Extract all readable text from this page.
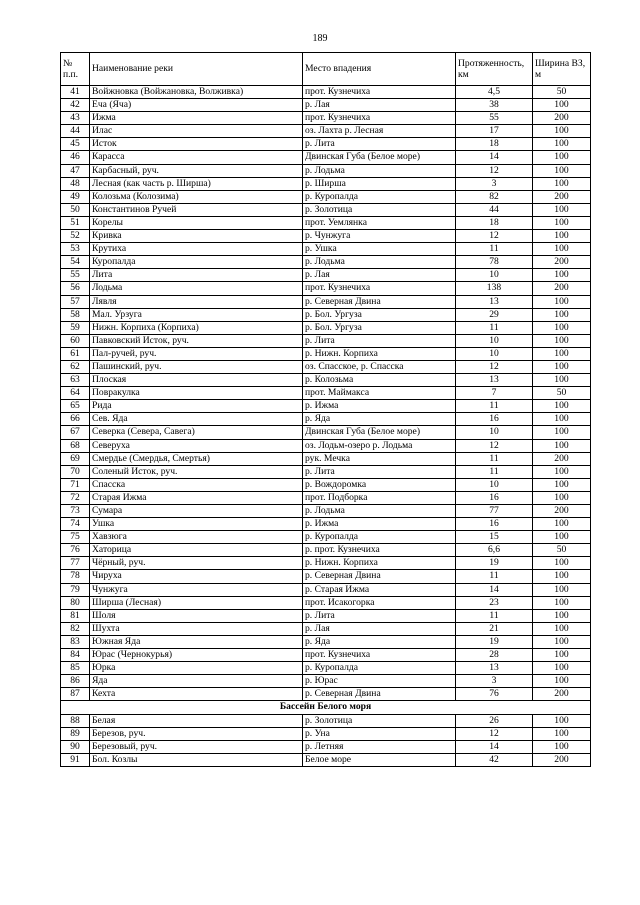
189
№ п.п.	Наименование реки	Место впадения	Протяженность, км	Ширина ВЗ, м
41	Войжновка (Войжановка, Волживка)	прот. Кузнечиха	4,5	50
42	Еча (Яча)	р. Лая	38	100
43	Ижма	прот. Кузнечиха	55	200
44	Илас	оз. Лахта р. Лесная	17	100
45	Исток	р. Лита	18	100
46	Карасса	Двинская Губа (Белое море)	14	100
47	Карбасный, руч.	р. Лодьма	12	100
48	Лесная (как часть р. Ширша)	р. Ширша	3	100
49	Колозьма (Колозима)	р. Куропалда	82	200
50	Константинов Ручей	р. Золотица	44	100
51	Корелы	прот. Уемлянка	18	100
52	Кривка	р. Чунжуга	12	100
53	Крутиха	р. Ушка	11	100
54	Куропалда	р. Лодьма	78	200
55	Лита	р. Лая	10	100
56	Лодьма	прот. Кузнечиха	138	200
57	Лявля	р. Северная Двина	13	100
58	Мал. Урзуга	р. Бол. Ургуза	29	100
59	Нижн. Корпиха (Корпиха)	р. Бол. Ургуза	11	100
60	Павковский Исток, руч.	р. Лита	10	100
61	Пал-ручей, руч.	р. Нижн. Корпиха	10	100
62	Пашинский, руч.	оз. Спасское, р. Спасска	12	100
63	Плоская	р. Колозьма	13	100
64	Повракулка	прот. Маймакса	7	50
65	Рида	р. Ижма	11	100
66	Сев. Яда	р. Яда	16	100
67	Северка (Севера, Савега)	Двинская Губа (Белое море)	10	100
68	Северуха	оз. Лодьм-озеро р. Лодьма	12	100
69	Смердье (Смердья, Смертья)	рук. Мечка	11	200
70	Соленый Исток, руч.	р. Лита	11	100
71	Спасска	р. Вождоромка	10	100
72	Старая Ижма	прот. Подборка	16	100
73	Сумара	р. Лодьма	77	200
74	Ушка	р. Ижма	16	100
75	Хавзюга	р. Куропалда	15	100
76	Хаторица	р. прот. Кузнечиха	6,6	50
77	Чёрный, руч.	р. Нижн. Корпиха	19	100
78	Чируха	р. Северная Двина	11	100
79	Чунжуга	р. Старая Ижма	14	100
80	Ширша (Лесная)	прот. Исакогорка	23	100
81	Шоля	р. Лита	11	100
82	Шухта	р. Лая	21	100
83	Южная Яда	р. Яда	19	100
84	Юрас (Чернокурья)	прот. Кузнечиха	28	100
85	Юрка	р. Куропалда	13	100
86	Яда	р. Юрас	3	100
87	Кехта	р. Северная Двина	76	200
Бассейн Белого моря				
88	Белая	р. Золотица	26	100
89	Березов, руч.	р. Уна	12	100
90	Березовый, руч.	р. Летняя	14	100
91	Бол. Козлы	Белое море	42	200
